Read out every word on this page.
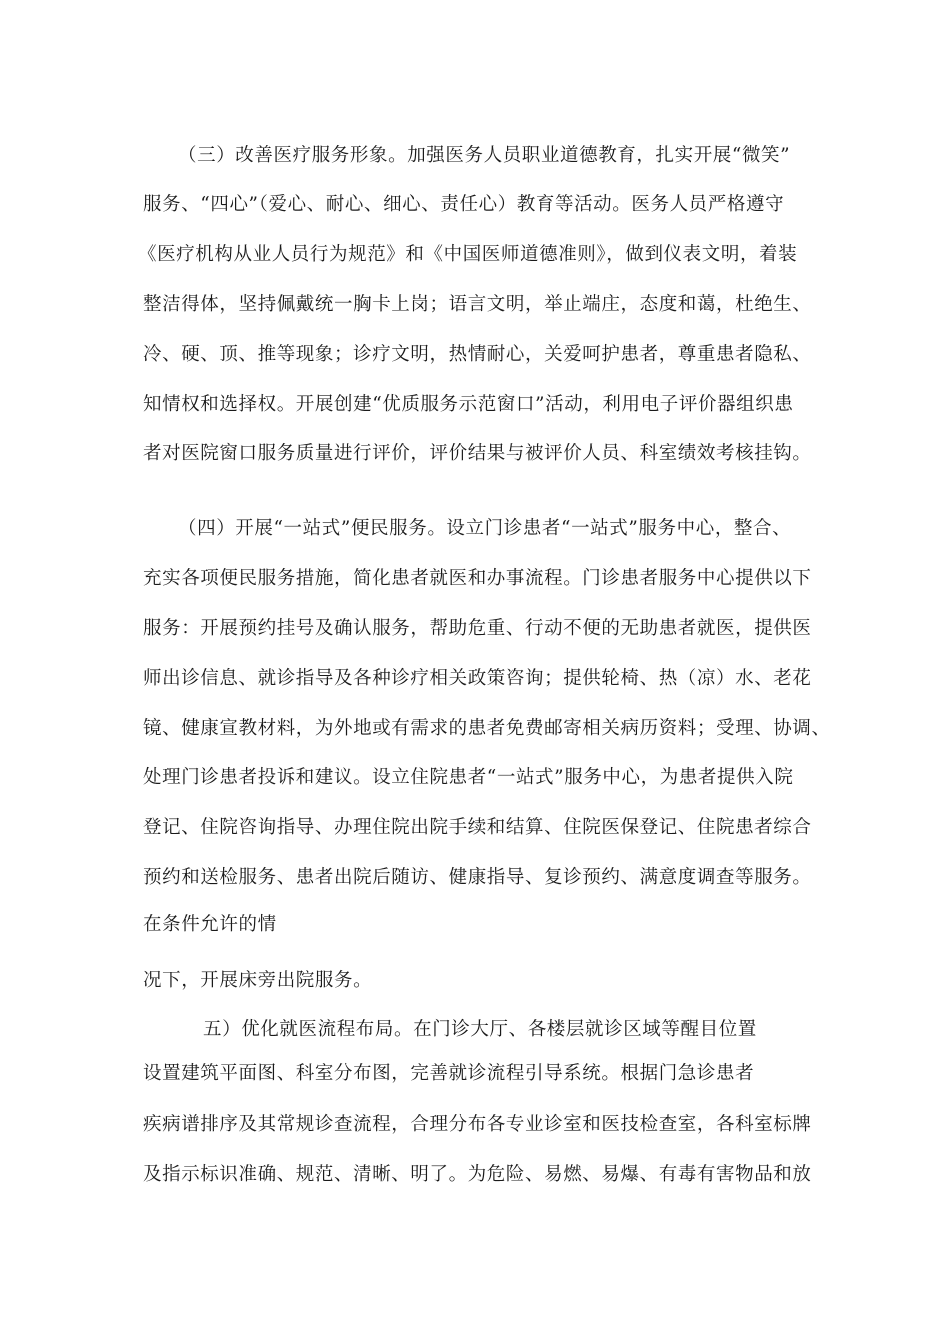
（三）改善医疗服务形象。加强医务人员职业道德教育，扎实开展“微笑”
服务、“四心”（爱心、耐心、细心、责任心）教育等活动。医务人员严格遵守
《医疗机构从业人员行为规范》和《中国医师道德准则》，做到仪表文明，着装
整洁得体，坚持佩戴统一胸卡上岗；语言文明，举止端庄，态度和蔼，杜绝生、
冷、硬、顶、推等现象；诊疗文明，热情耐心，关爱呵护患者，尊重患者隐私、
知情权和选择权。开展创建“优质服务示范窗口”活动，利用电子评价器组织患
者对医院窗口服务质量进行评价，评价结果与被评价人员、科室绩效考核挂钩。
（四）开展“一站式”便民服务。设立门诊患者“一站式”服务中心，整合、
充实各项便民服务措施，简化患者就医和办事流程。门诊患者服务中心提供以下
服务：开展预约挂号及确认服务，帮助危重、行动不便的无助患者就医，提供医
师出诊信息、就诊指导及各种诊疗相关政策咨询；提供轮椅、热（凉）水、老花
镜、健康宣教材料，为外地或有需求的患者免费邮寄相关病历资料；受理、协调、
处理门诊患者投诉和建议。设立住院患者“一站式”服务中心，为患者提供入院
登记、住院咨询指导、办理住院出院手续和结算、住院医保登记、住院患者综合
预约和送检服务、患者出院后随访、健康指导、复诊预约、满意度调查等服务。
在条件允许的情
况下，开展床旁出院服务。
五）优化就医流程布局。在门诊大厅、各楼层就诊区域等醒目位置
设置建筑平面图、科室分布图，完善就诊流程引导系统。根据门急诊患者
疾病谱排序及其常规诊查流程，合理分布各专业诊室和医技检查室，各科室标牌
及指示标识准确、规范、清晰、明了。为危险、易燃、易爆、有毒有害物品和放
